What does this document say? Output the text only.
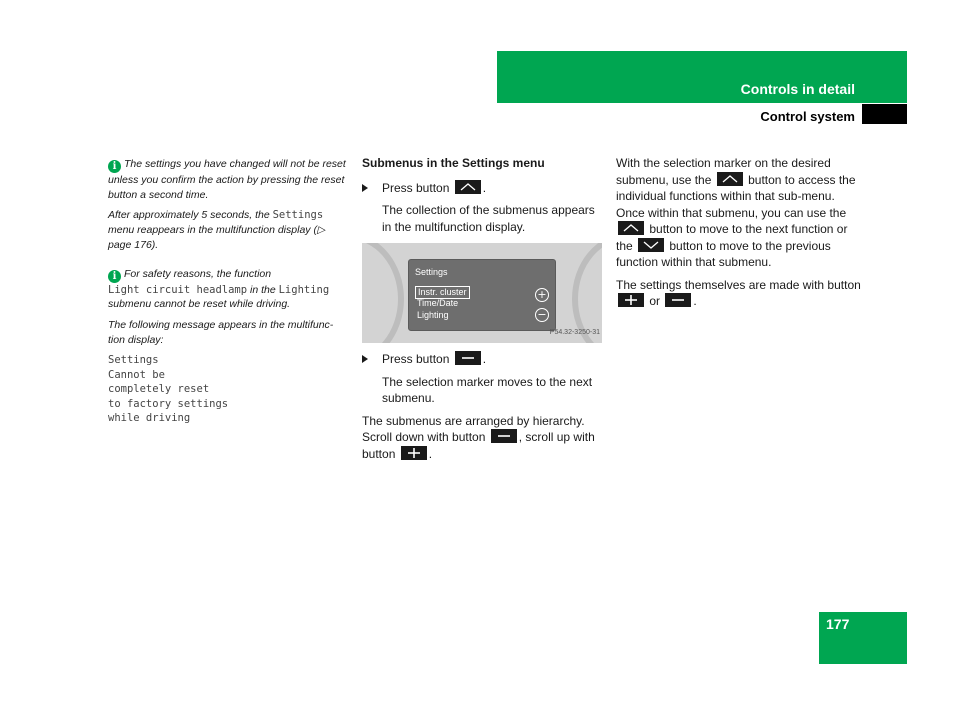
Controls in detail
Control system

i The settings you have changed will not be reset unless you confirm the action by pressing the reset button a second time.

After approximately 5 seconds, the Settings menu reappears in the multifunction display (▷ page 176).

i For safety reasons, the function
Light circuit headlamp in the Lighting submenu cannot be reset while driving.

The following message appears in the multifunc-tion display:

Settings
Cannot be
completely reset
to factory settings
while driving
Submenus in the Settings menu
Press button	.
The collection of the submenus appears in the multifunction display.
Settings
Instr. cluster
Time/Date
Lighting
+
−
P54.32-3250-31
Press button	.
The selection marker moves to the next submenu.
The submenus are arranged by hierarchy. Scroll down with button	, scroll up with button	.
With the selection marker on the desired submenu, use the	button to access the individual functions within that sub-menu. Once within that submenu, you can use the
button to move to the next function or the	button to move to the previous function within that submenu.
The settings themselves are made with button
or	.
177
